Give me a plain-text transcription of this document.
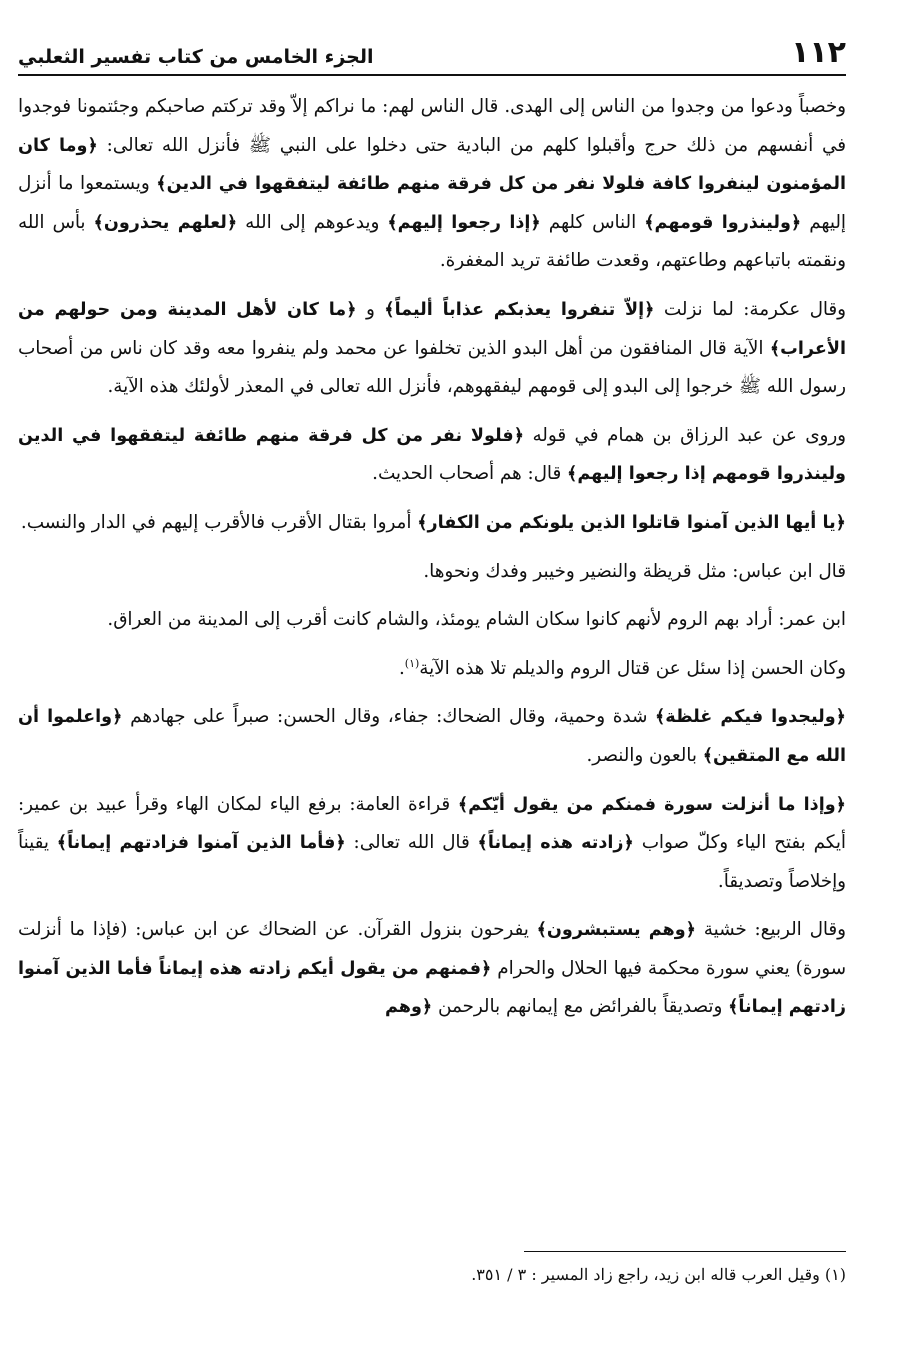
١١٢
الجزء الخامس من كتاب تفسير الثعلبي

وخصباً ودعوا من وجدوا من الناس إلى الهدى. قال الناس لهم: ما نراكم إلاّ وقد تركتم صاحبكم وجئتمونا فوجدوا في أنفسهم من ذلك حرج وأقبلوا كلهم من البادية حتى دخلوا على النبي ﷺ فأنزل الله تعالى: ﴿وما كان المؤمنون لينفروا كافة فلولا نفر من كل فرقة منهم طائفة ليتفقهوا في الدين﴾ ويستمعوا ما أنزل إليهم ﴿ولينذروا قومهم﴾ الناس كلهم ﴿إذا رجعوا إليهم﴾ ويدعوهم إلى الله ﴿لعلهم يحذرون﴾ بأس الله ونقمته باتباعهم وطاعتهم، وقعدت طائفة تريد المغفرة.

وقال عكرمة: لما نزلت ﴿إلاّ تنفروا يعذبكم عذاباً أليماً﴾ و ﴿ما كان لأهل المدينة ومن حولهم من الأعراب﴾ الآية قال المنافقون من أهل البدو الذين تخلفوا عن محمد ولم ينفروا معه وقد كان ناس من أصحاب رسول الله ﷺ خرجوا إلى البدو إلى قومهم ليفقهوهم، فأنزل الله تعالى في المعذر لأولئك هذه الآية.

وروى عن عبد الرزاق بن همام في قوله ﴿فلولا نفر من كل فرقة منهم طائفة ليتفقهوا في الدين ولينذروا قومهم إذا رجعوا إليهم﴾ قال: هم أصحاب الحديث.

﴿يا أيها الذين آمنوا قاتلوا الذين يلونكم من الكفار﴾ أمروا بقتال الأقرب فالأقرب إليهم في الدار والنسب.

قال ابن عباس: مثل قريظة والنضير وخيبر وفدك ونحوها.

ابن عمر: أراد بهم الروم لأنهم كانوا سكان الشام يومئذ، والشام كانت أقرب إلى المدينة من العراق.

وكان الحسن إذا سئل عن قتال الروم والديلم تلا هذه الآية$^{(١)}$.

﴿وليجدوا فيكم غلظة﴾ شدة وحمية، وقال الضحاك: جفاء، وقال الحسن: صبراً على جهادهم ﴿واعلموا أن الله مع المتقين﴾ بالعون والنصر.

﴿وإذا ما أنزلت سورة فمنكم من يقول أيّكم﴾ قراءة العامة: برفع الياء لمكان الهاء وقرأ عبيد بن عمير: أيكم بفتح الياء وكلّ صواب ﴿زادته هذه إيماناً﴾ قال الله تعالى: ﴿فأما الذين آمنوا فزادتهم إيماناً﴾ يقيناً وإخلاصاً وتصديقاً.

وقال الربيع: خشية ﴿وهم يستبشرون﴾ يفرحون بنزول القرآن. عن الضحاك عن ابن عباس: (فإذا ما أنزلت سورة) يعني سورة محكمة فيها الحلال والحرام ﴿فمنهم من يقول أيكم زادته هذه إيماناً فأما الذين آمنوا زادتهم إيماناً﴾ وتصديقاً بالفرائض مع إيمانهم بالرحمن ﴿وهم

(١) وقيل العرب قاله ابن زيد، راجع زاد المسير : ٣ / ٣٥١.
